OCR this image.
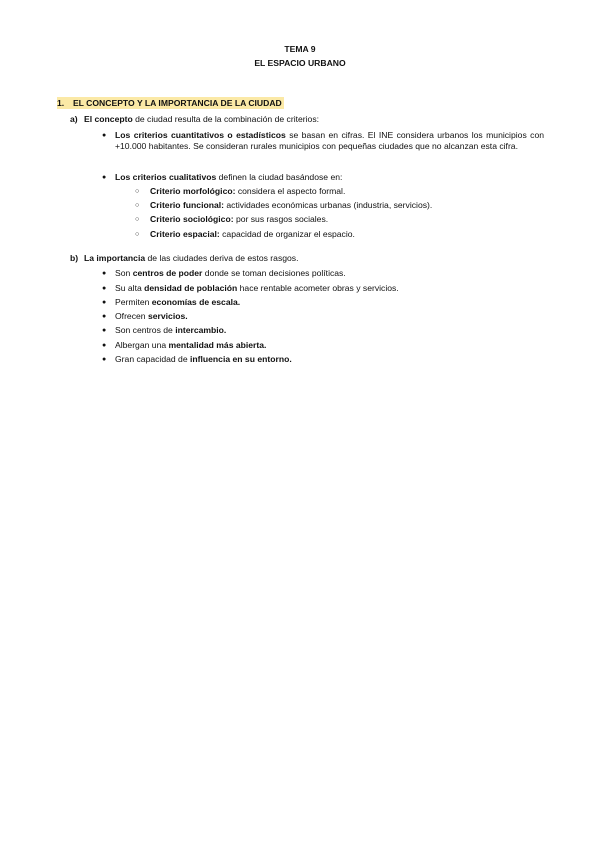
TEMA 9
EL ESPACIO URBANO
1. EL CONCEPTO Y LA IMPORTANCIA DE LA CIUDAD
a) El concepto de ciudad resulta de la combinación de criterios:
● Los criterios cuantitativos o estadísticos se basan en cifras. El INE considera urbanos los municipios con +10.000 habitantes. Se consideran rurales municipios con pequeñas ciudades que no alcanzan esta cifra.
● Los criterios cualitativos definen la ciudad basándose en:
○ Criterio morfológico: considera el aspecto formal.
○ Criterio funcional: actividades económicas urbanas (industria, servicios).
○ Criterio sociológico: por sus rasgos sociales.
○ Criterio espacial: capacidad de organizar el espacio.
b) La importancia de las ciudades deriva de estos rasgos.
● Son centros de poder donde se toman decisiones políticas.
● Su alta densidad de población hace rentable acometer obras y servicios.
● Permiten economías de escala.
● Ofrecen servicios.
● Son centros de intercambio.
● Albergan una mentalidad más abierta.
● Gran capacidad de influencia en su entorno.
